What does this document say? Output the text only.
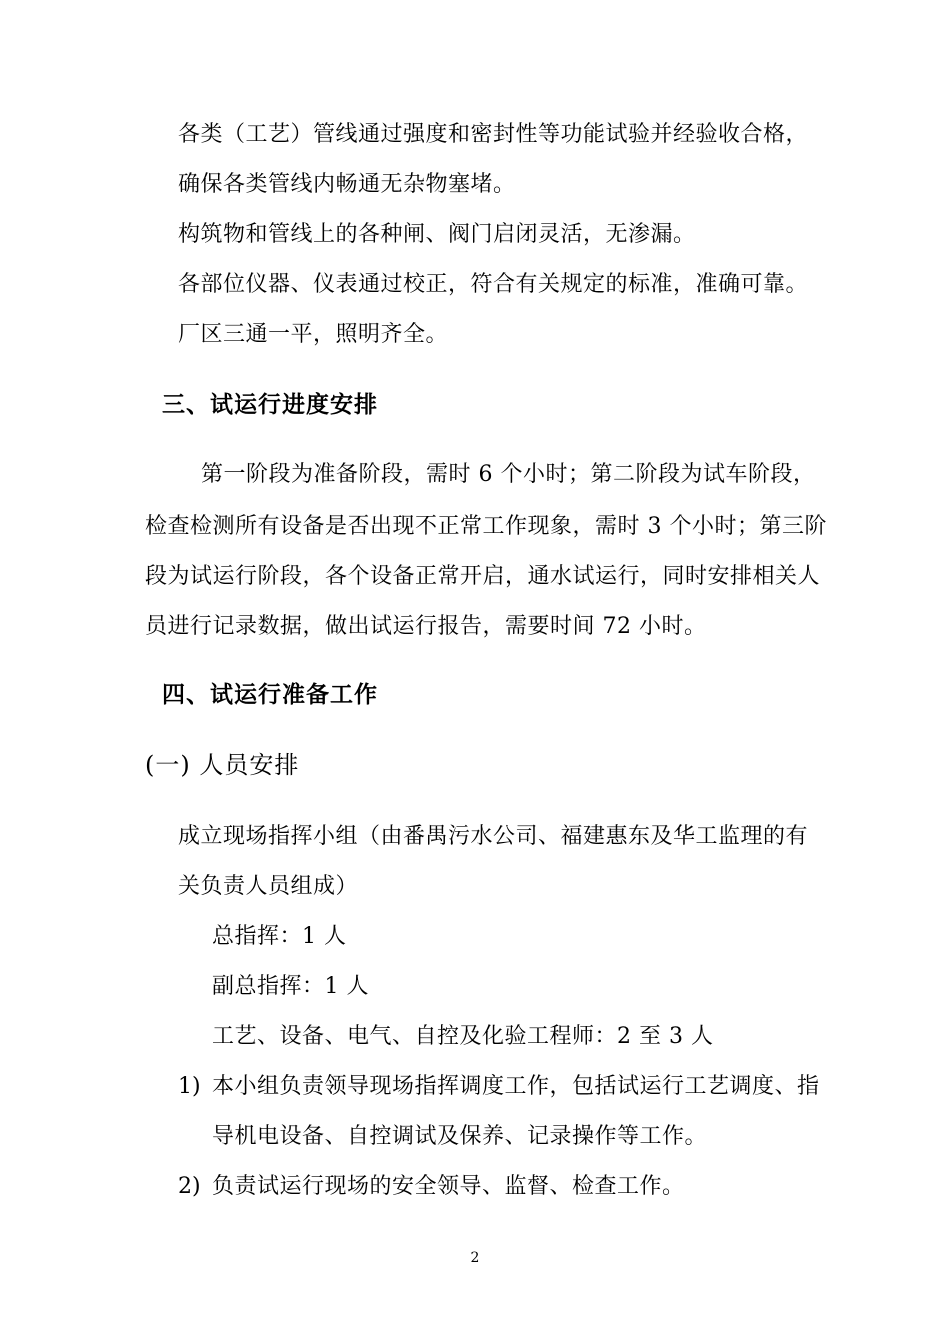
各类（工艺）管线通过强度和密封性等功能试验并经验收合格，
确保各类管线内畅通无杂物塞堵。
构筑物和管线上的各种闸、阀门启闭灵活，无渗漏。
各部位仪器、仪表通过校正，符合有关规定的标准，准确可靠。
厂区三通一平，照明齐全。
三、试运行进度安排
第一阶段为准备阶段，需时 6 个小时；第二阶段为试车阶段，
检查检测所有设备是否出现不正常工作现象，需时 3 个小时；第三阶
段为试运行阶段，各个设备正常开启，通水试运行，同时安排相关人
员进行记录数据，做出试运行报告，需要时间 72 小时。
四、试运行准备工作
(一) 人员安排
成立现场指挥小组（由番禺污水公司、福建惠东及华工监理的有
关负责人员组成）
总指挥：1 人
副总指挥：1 人
工艺、设备、电气、自控及化验工程师：2 至 3 人
1) 本小组负责领导现场指挥调度工作，包括试运行工艺调度、指
导机电设备、自控调试及保养、记录操作等工作。
2) 负责试运行现场的安全领导、监督、检查工作。
2
